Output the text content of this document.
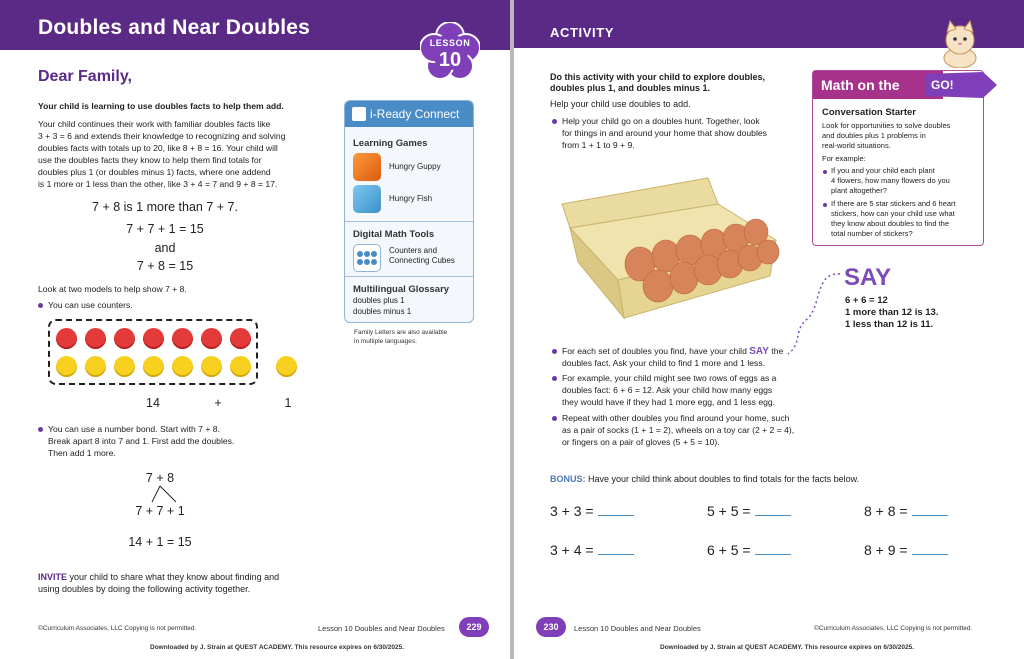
Doubles and Near Doubles
LESSON
10
Dear Family,
Your child is learning to use doubles facts to help them add.
Your child continues their work with familiar doubles facts like
3 + 3 = 6 and extends their knowledge to recognizing and solving
doubles facts with totals up to 20, like 8 + 8 = 16. Your child will
use the doubles facts they know to help them find totals for
doubles plus 1 (or doubles minus 1) facts, where one addend
is 1 more or 1 less than the other, like 3 + 4 = 7 and 9 + 8 = 17.
7 + 8 is 1 more than 7 + 7.
7 + 7 + 1 = 15
and
7 + 8 = 15
Look at two models to help show 7 + 8.
You can use counters.
14	+	1
You can use a number bond. Start with 7 + 8.
Break apart 8 into 7 and 1. First add the doubles.
Then add 1 more.
7 + 8
7 + 7 + 1
14 + 1 = 15
INVITE your child to share what they know about finding and
using doubles by doing the following activity together.
i-Ready Connect
Learning Games
Hungry Guppy
Hungry Fish
Digital Math Tools
Counters and
Connecting Cubes
Multilingual Glossary
doubles plus 1
doubles minus 1
Family Letters are also available
in multiple languages.
©Curriculum Associates, LLC Copying is not permitted.	Lesson 10 Doubles and Near Doubles	229
Downloaded by J. Strain at QUEST ACADEMY. This resource expires on 6/30/2025.
ACTIVITY
Do this activity with your child to explore doubles,
doubles plus 1, and doubles minus 1.
Help your child use doubles to add.
Help your child go on a doubles hunt. Together, look
for things in and around your home that show doubles
from 1 + 1 to 9 + 9.
For each set of doubles you find, have your child SAY the
doubles fact. Ask your child to find 1 more and 1 less.
For example, your child might see two rows of eggs as a
doubles fact: 6 + 6 = 12. Ask your child how many eggs
they would have if they had 1 more egg, and 1 less egg.
Repeat with other doubles you find around your home, such
as a pair of socks (1 + 1 = 2), wheels on a toy car (2 + 2 = 4),
or fingers on a pair of gloves (5 + 5 = 10).
SAY
6 + 6 = 12
1 more than 12 is 13.
1 less than 12 is 11.
Math on the	GO!
Conversation Starter
Look for opportunities to solve doubles
and doubles plus 1 problems in
real-world situations.
For example:
If you and your child each plant
4 flowers, how many flowers do you
plant altogether?
If there are 5 star stickers and 6 heart
stickers, how can your child use what
they know about doubles to find the
total number of stickers?
BONUS: Have your child think about doubles to find totals for the facts below.
3 + 3 =	5 + 5 =	8 + 8 =
3 + 4 =	6 + 5 =	8 + 9 =
230	Lesson 10 Doubles and Near Doubles	©Curriculum Associates, LLC Copying is not permitted.
Downloaded by J. Strain at QUEST ACADEMY. This resource expires on 6/30/2025.
